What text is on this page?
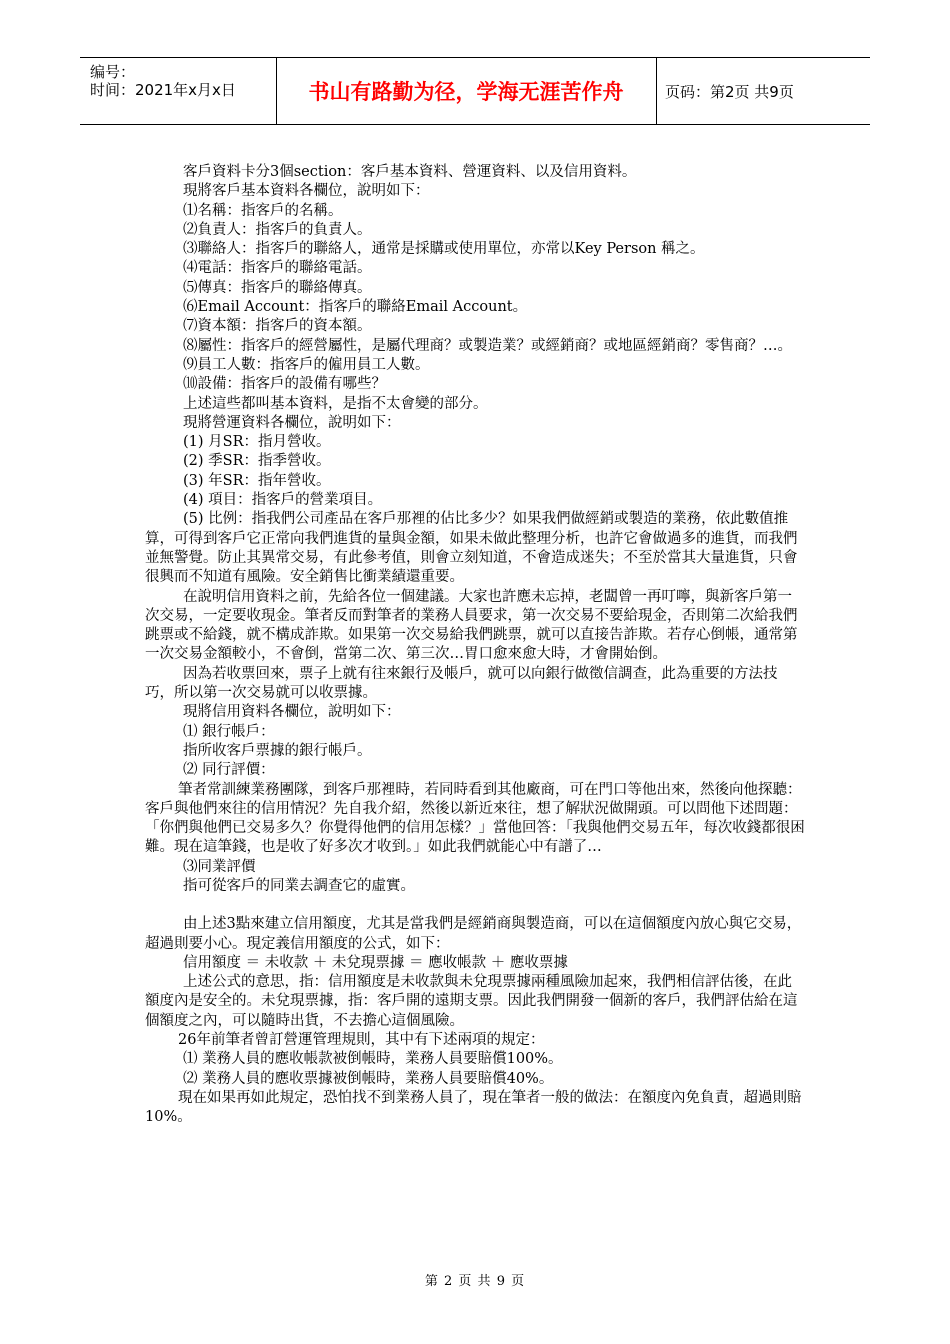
编号：
时间：2021年x月x日	书山有路勤为径，学海无涯苦作舟	页码：第2页 共9页

客戶資料卡分3個section：客戶基本資料、營運資料、以及信用資料。

現將客戶基本資料各欄位，說明如下：

⑴名稱：指客戶的名稱。

⑵負責人：指客戶的負責人。

⑶聯絡人：指客戶的聯絡人，通常是採購或使用單位，亦常以Key Person 稱之。

⑷電話：指客戶的聯絡電話。

⑸傳真：指客戶的聯絡傳真。

⑹Email Account：指客戶的聯絡Email Account。

⑺資本額：指客戶的資本額。

⑻屬性：指客戶的經營屬性，是屬代理商？或製造業？或經銷商？或地區經銷商？零售商？…。

⑼員工人數：指客戶的僱用員工人數。

⑽設備：指客戶的設備有哪些？

上述這些都叫基本資料，是指不太會變的部分。

現將營運資料各欄位，說明如下：

(1) 月SR：指月營收。

(2) 季SR：指季營收。

(3) 年SR：指年營收。

(4) 項目：指客戶的營業項目。

(5) 比例：指我們公司產品在客戶那裡的佔比多少？如果我們做經銷或製造的業務，依此數值推算，可得到客戶它正常向我們進貨的量與金額，如果未做此整理分析，也許它會做過多的進貨，而我們並無警覺。防止其異常交易，有此參考值，則會立刻知道，不會造成迷失；不至於當其大量進貨，只會很興而不知道有風險。安全銷售比衝業績還重要。

在說明信用資料之前，先給各位一個建議。大家也許應未忘掉，老闆曾一再叮嚀，與新客戶第一次交易，一定要收現金。筆者反而對筆者的業務人員要求，第一次交易不要給現金，否則第二次給我們跳票或不給錢，就不構成詐欺。如果第一次交易給我們跳票，就可以直接告詐欺。若存心倒帳，通常第一次交易金額較小，不會倒，當第二次、第三次…胃口愈來愈大時，才會開始倒。

因為若收票回來，票子上就有往來銀行及帳戶，就可以向銀行做徵信調查，此為重要的方法技巧，所以第一次交易就可以收票據。

現將信用資料各欄位，說明如下：

⑴ 銀行帳戶：

指所收客戶票據的銀行帳戶。

⑵ 同行評價：

筆者常訓練業務團隊，到客戶那裡時，若同時看到其他廠商，可在門口等他出來，然後向他探聽：客戶與他們來往的信用情況？先自我介紹，然後以新近來往，想了解狀況做開頭。可以問他下述問題：「你們與他們已交易多久？你覺得他們的信用怎樣？」當他回答：「我與他們交易五年，每次收錢都很困難。現在這筆錢，也是收了好多次才收到。」如此我們就能心中有譜了…

⑶同業評價

指可從客戶的同業去調查它的虛實。

由上述3點來建立信用額度，尤其是當我們是經銷商與製造商，可以在這個額度內放心與它交易，超過則要小心。現定義信用額度的公式，如下：

信用額度 ＝ 未收款 ＋ 未兌現票據 ＝ 應收帳款 ＋ 應收票據

上述公式的意思，指：信用額度是未收款與未兌現票據兩種風險加起來，我們相信評估後，在此額度內是安全的。未兌現票據，指：客戶開的遠期支票。因此我們開發一個新的客戶，我們評估給在這個額度之內，可以隨時出貨，不去擔心這個風險。

26年前筆者曾訂營運管理規則，其中有下述兩項的規定：

⑴ 業務人員的應收帳款被倒帳時，業務人員要賠償100%。

⑵ 業務人員的應收票據被倒帳時，業務人員要賠償40%。

現在如果再如此規定，恐怕找不到業務人員了，現在筆者一般的做法：在額度內免負責，超過則賠10%。

第 2 页 共 9 页
